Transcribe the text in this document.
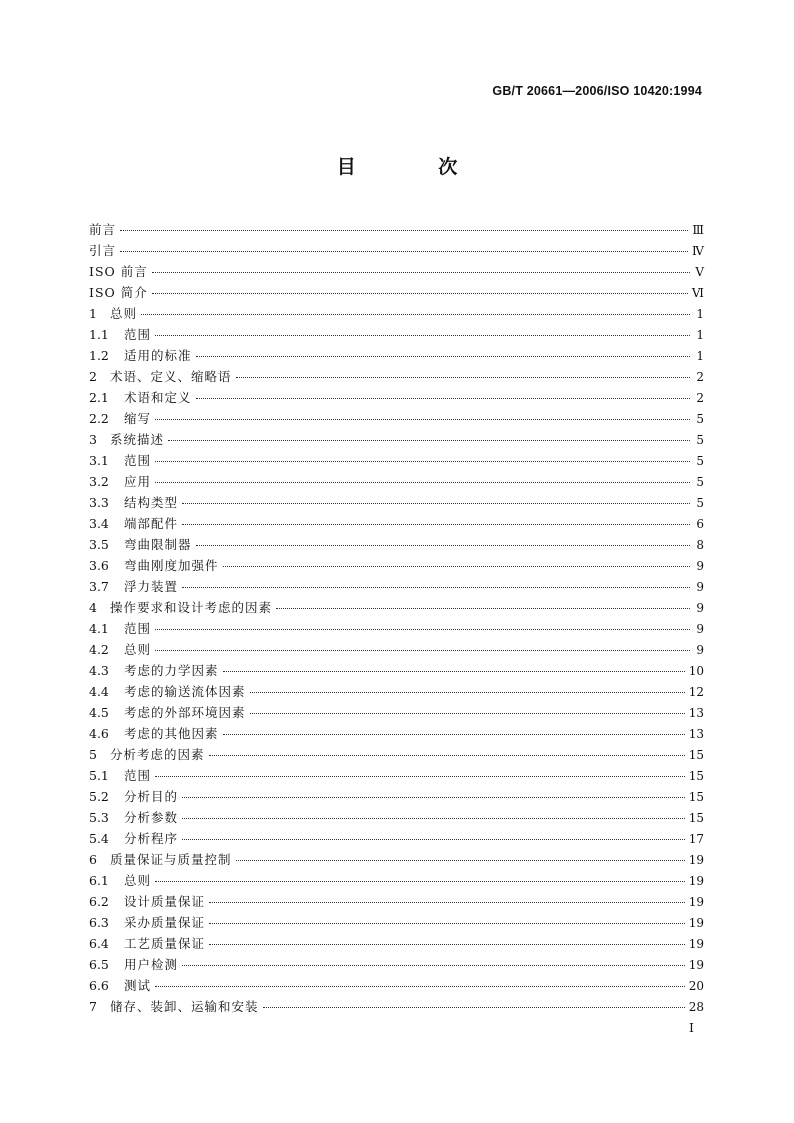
GB/T 20661—2006/ISO 10420:1994
目 次
前言	Ⅲ
引言	Ⅳ
ISO 前言	Ⅴ
ISO 简介	Ⅵ
1	总则	1
1.1	范围	1
1.2	适用的标准	1
2	术语、定义、缩略语	2
2.1	术语和定义	2
2.2	缩写	5
3	系统描述	5
3.1	范围	5
3.2	应用	5
3.3	结构类型	5
3.4	端部配件	6
3.5	弯曲限制器	8
3.6	弯曲刚度加强件	9
3.7	浮力装置	9
4	操作要求和设计考虑的因素	9
4.1	范围	9
4.2	总则	9
4.3	考虑的力学因素	10
4.4	考虑的输送流体因素	12
4.5	考虑的外部环境因素	13
4.6	考虑的其他因素	13
5	分析考虑的因素	15
5.1	范围	15
5.2	分析目的	15
5.3	分析参数	15
5.4	分析程序	17
6	质量保证与质量控制	19
6.1	总则	19
6.2	设计质量保证	19
6.3	采办质量保证	19
6.4	工艺质量保证	19
6.5	用户检测	19
6.6	测试	20
7	储存、装卸、运输和安装	28
I
